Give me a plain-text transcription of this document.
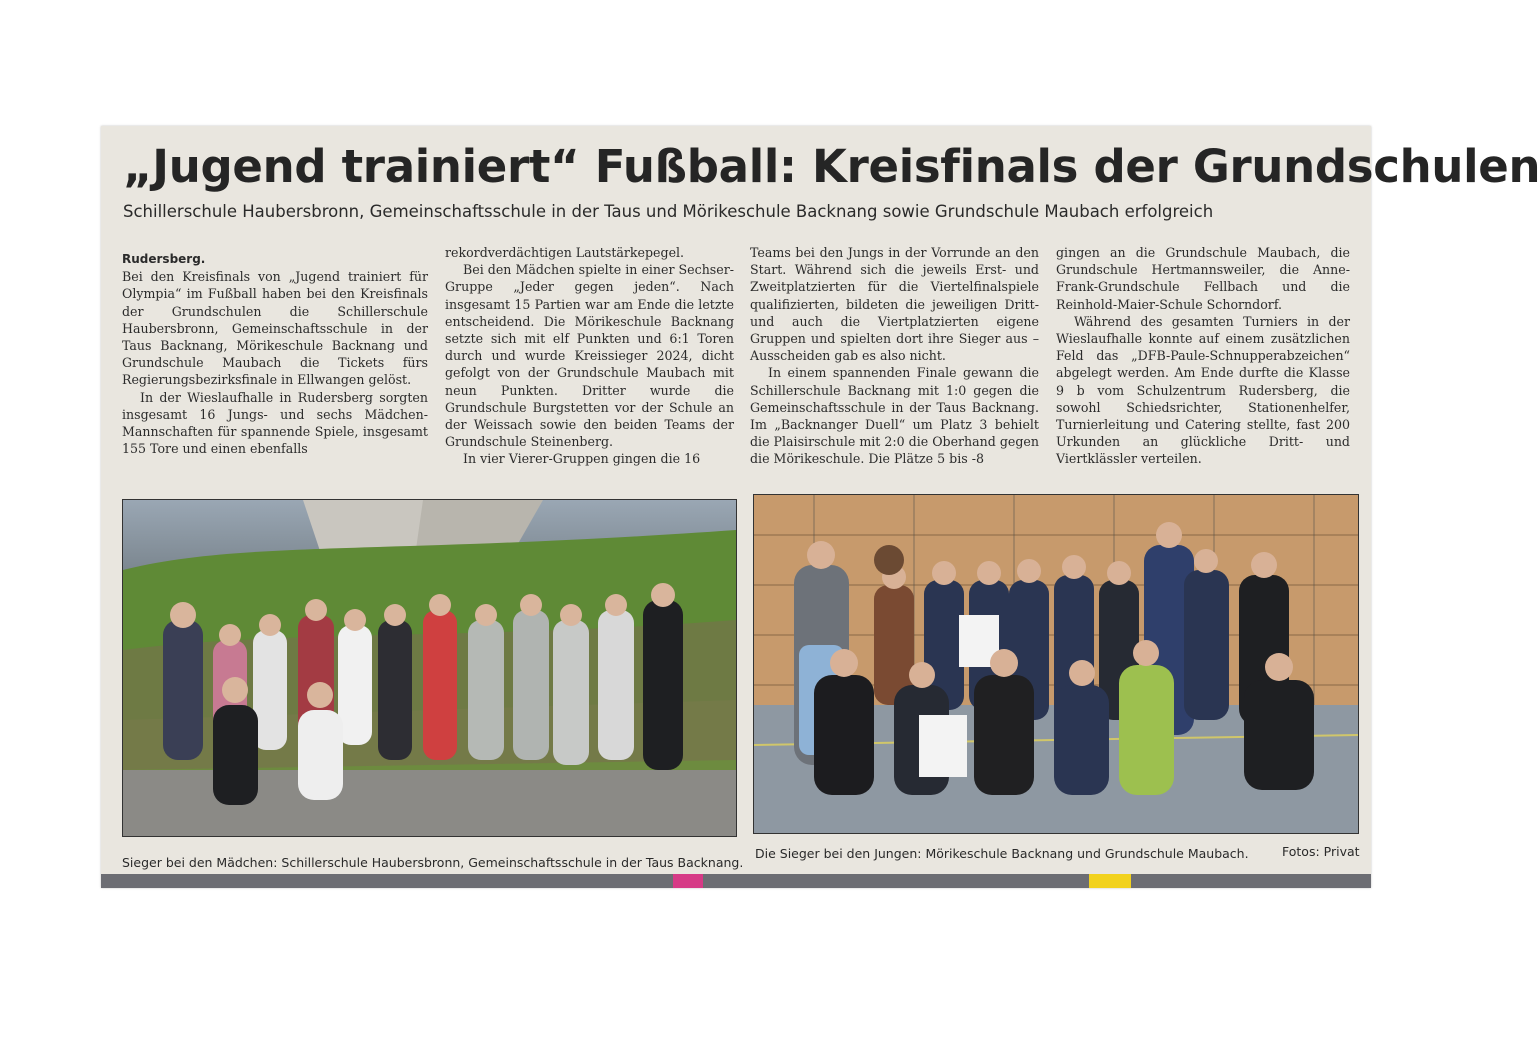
„Jugend trainiert“ Fußball: Kreisfinals der Grundschulen
Schillerschule Haubersbronn, Gemeinschaftsschule in der Taus und Mörikeschule Backnang sowie Grundschule Maubach erfolgreich
Rudersberg.

Bei den Kreisfinals von „Jugend trainiert für Olympia“ im Fußball haben bei den Kreisfinals der Grundschulen die Schillerschule Haubersbronn, Gemeinschaftsschule in der Taus Backnang, Mörikeschule Backnang und Grundschule Maubach die Tickets fürs Regierungsbezirksfinale in Ellwangen gelöst.

In der Wieslaufhalle in Rudersberg sorgten insgesamt 16 Jungs- und sechs Mädchen-Mannschaften für spannende Spiele, insgesamt 155 Tore und einen ebenfalls

rekordverdächtigen Lautstärkepegel.

Bei den Mädchen spielte in einer Sechser-Gruppe „Jeder gegen jeden“. Nach insgesamt 15 Partien war am Ende die letzte entscheidend. Die Mörikeschule Backnang setzte sich mit elf Punkten und 6:1 Toren durch und wurde Kreissieger 2024, dicht gefolgt von der Grundschule Maubach mit neun Punkten. Dritter wurde die Grundschule Burgstetten vor der Schule an der Weissach sowie den beiden Teams der Grundschule Steinenberg.

In vier Vierer-Gruppen gingen die 16

Teams bei den Jungs in der Vorrunde an den Start. Während sich die jeweils Erst- und Zweitplatzierten für die Viertelfinalspiele qualifizierten, bildeten die jeweiligen Dritt- und auch die Viertplatzierten eigene Gruppen und spielten dort ihre Sieger aus – Ausscheiden gab es also nicht.

In einem spannenden Finale gewann die Schillerschule Backnang mit 1:0 gegen die Gemeinschaftsschule in der Taus Backnang. Im „Backnanger Duell“ um Platz 3 behielt die Plaisirschule mit 2:0 die Oberhand gegen die Mörikeschule. Die Plätze 5 bis -8

gingen an die Grundschule Maubach, die Grundschule Hertmannsweiler, die Anne-Frank-Grundschule Fellbach und die Reinhold-Maier-Schule Schorndorf.

Während des gesamten Turniers in der Wieslaufhalle konnte auf einem zusätzlichen Feld das „DFB-Paule-Schnupperabzeichen“ abgelegt werden. Am Ende durfte die Klasse 9 b vom Schulzentrum Rudersberg, die sowohl Schiedsrichter, Stationenhelfer, Turnierleitung und Catering stellte, fast 200 Urkunden an glückliche Dritt- und Viertklässler verteilen.

Sieger bei den Mädchen: Schillerschule Haubersbronn, Gemeinschaftsschule in der Taus Backnang.
Die Sieger bei den Jungen: Mörikeschule Backnang und Grundschule Maubach.	Fotos: Privat
